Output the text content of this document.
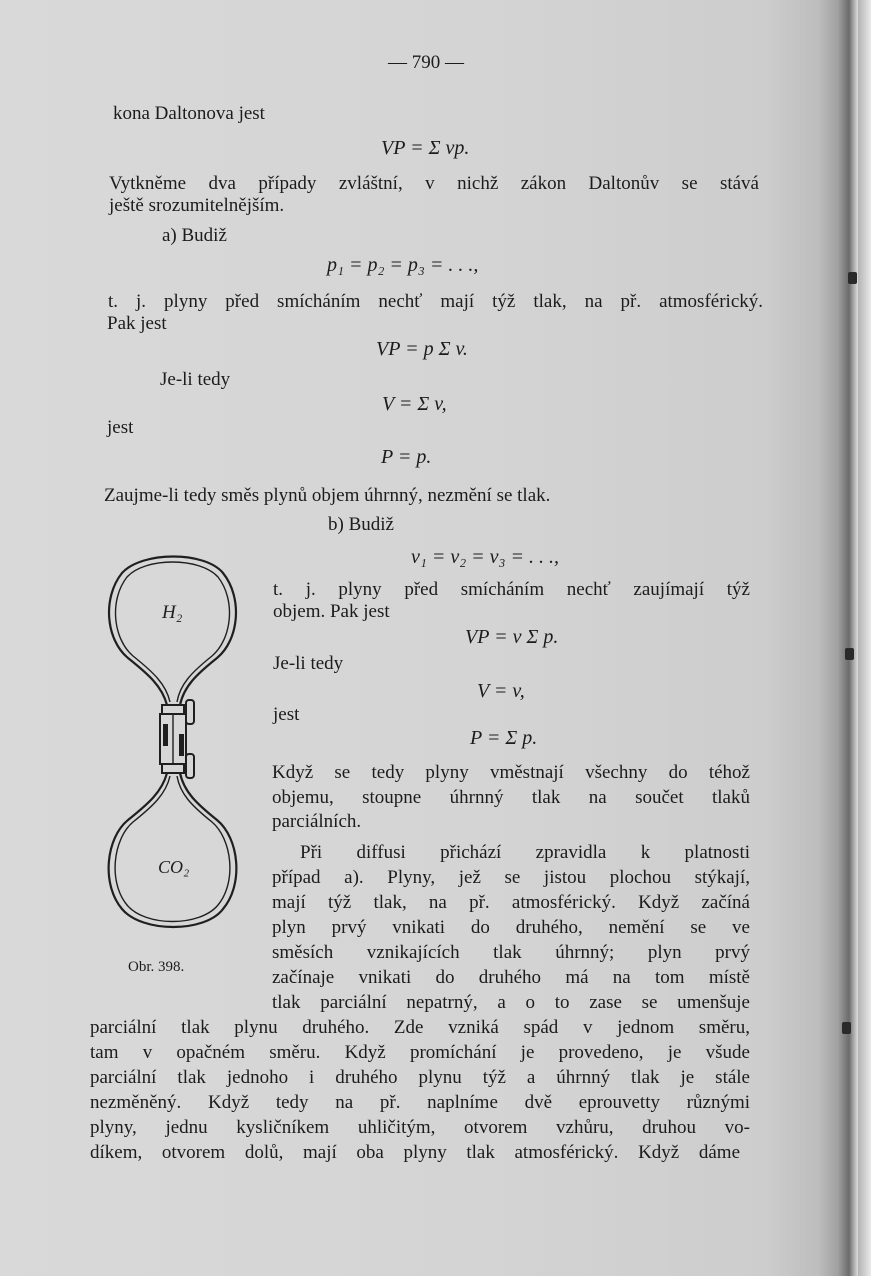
— 790 —
kona Daltonova jest
VP = Σ vp.
Vytkněme dva případy zvláštní, v nichž zákon Daltonův se stává
ještě srozumitelnějším.
a) Budiž
p₁ = p₂ = p₃ = . . .,
t. j. plyny před smícháním nechť mají týž tlak, na př. atmosférický.
Pak jest
VP = p Σ v.
Je-li tedy
V = Σ v,
jest
P = p.
Zaujme-li tedy směs plynů objem úhrnný, nezmění se tlak.
b) Budiž
v₁ = v₂ = v₃ = . . .,
t. j. plyny před smícháním nechť zaujímají týž
objem. Pak jest
VP = v Σ p.
Je-li tedy
V = v,
jest
P = Σ p.
Když se tedy plyny vměstnají všechny do téhož
objemu, stoupne úhrnný tlak na součet tlaků
parciálních.
Při diffusi přichází zpravidla k platnosti
případ a). Plyny, jež se jistou plochou stýkají,
mají týž tlak, na př. atmosférický. Když začíná
plyn prvý vnikati do druhého, nemění se ve
směsích vznikajících tlak úhrnný; plyn prvý
začínaje vnikati do druhého má na tom místě
tlak parciální nepatrný, a o to zase se umenšuje
parciální tlak plynu druhého. Zde vzniká spád v jednom směru,
tam v opačném směru. Když promíchání je provedeno, je všude
parciální tlak jednoho i druhého plynu týž a úhrnný tlak je stále
nezměněný. Když tedy na př. naplníme dvě eprouvetty různými
plyny, jednu kysličníkem uhličitým, otvorem vzhůru, druhou vo-
díkem, otvorem dolů, mají oba plyny tlak atmosférický. Když dáme
H₂
CO₂
Obr. 398.
